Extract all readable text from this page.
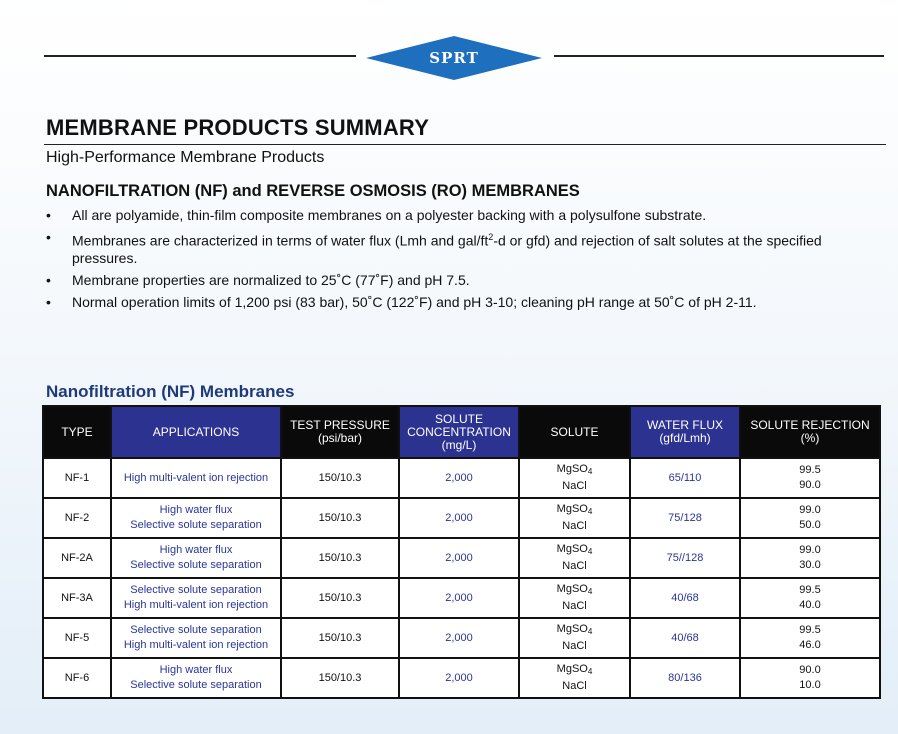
SPRT
MEMBRANE PRODUCTS SUMMARY
High-Performance Membrane Products
NANOFILTRATION (NF) and REVERSE OSMOSIS (RO) MEMBRANES
• All are polyamide, thin-film composite membranes on a polyester backing with a polysulfone substrate.
• Membranes are characterized in terms of water flux (Lmh and gal/$ft^2-d$ or gfd) and rejection of salt solutes at the specified pressures.
• Membrane properties are normalized to 25˚C (77˚F) and pH 7.5.
• Normal operation limits of 1,200 psi (83 bar), 50˚C (122˚F) and pH 3-10; cleaning pH range at 50˚C of pH 2-11.
Nanofiltration (NF) Membranes
TYPE	APPLICATIONS	TEST PRESSURE
(psi/bar)	SOLUTE
CONCENTRATION
(mg/L)	SOLUTE	WATER FLUX
(gfd/Lmh)	SOLUTE REJECTION
(%)
NF-1	High multi-valent ion rejection	150/10.3	2,000	MgSO$_4$
NaCl	65/110	99.5
90.0
NF-2	High water flux
Selective solute separation	150/10.3	2,000	MgSO$_4$
NaCl	75/128	99.0
50.0
NF-2A	High water flux
Selective solute separation	150/10.3	2,000	MgSO$_4$
NaCl	75//128	99.0
30.0
NF-3A	Selective solute separation
High multi-valent ion rejection	150/10.3	2,000	MgSO$_4$
NaCl	40/68	99.5
40.0
NF-5	Selective solute separation
High multi-valent ion rejection	150/10.3	2,000	MgSO$_4$
NaCl	40/68	99.5
46.0
NF-6	High water flux
Selective solute separation	150/10.3	2,000	MgSO$_4$
NaCl	80/136	90.0
10.0
